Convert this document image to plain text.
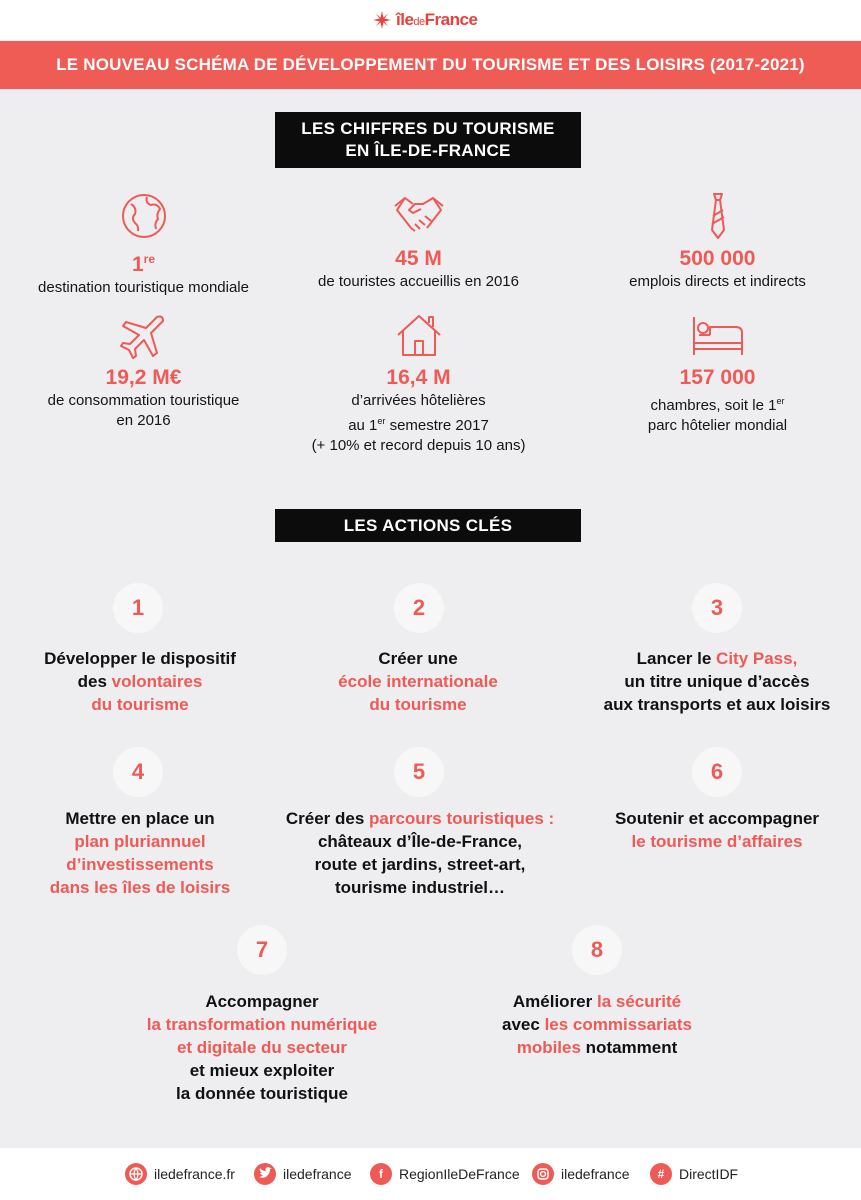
îledeFrance
LE NOUVEAU SCHÉMA DE DÉVELOPPEMENT DU TOURISME ET DES LOISIRS (2017-2021)
LES CHIFFRES DU TOURISME
EN ÎLE-DE-FRANCE
1re
destination touristique mondiale
45 M
de touristes accueillis en 2016
500 000
emplois directs et indirects
19,2 M€
de consommation touristique
en 2016
16,4 M
d’arrivées hôtelières
au 1er semestre 2017
(+ 10% et record depuis 10 ans)
157 000
chambres, soit le 1er
parc hôtelier mondial
LES ACTIONS CLÉS
1
Développer le dispositif
des volontaires
du tourisme
2
Créer une
école internationale
du tourisme
3
Lancer le City Pass,
un titre unique d’accès
aux transports et aux loisirs
4
Mettre en place un
plan pluriannuel
d’investissements
dans les îles de loisirs
5
Créer des parcours touristiques :
châteaux d’Île-de-France,
route et jardins, street-art,
tourisme industriel…
6
Soutenir et accompagner
le tourisme d’affaires
7
Accompagner
la transformation numérique
et digitale du secteur
et mieux exploiter
la donnée touristique
8
Améliorer la sécurité
avec les commissariats
mobiles notamment
iledefrance.fr	iledefrance	f	RegionIleDeFrance	iledefrance	#	DirectIDF
